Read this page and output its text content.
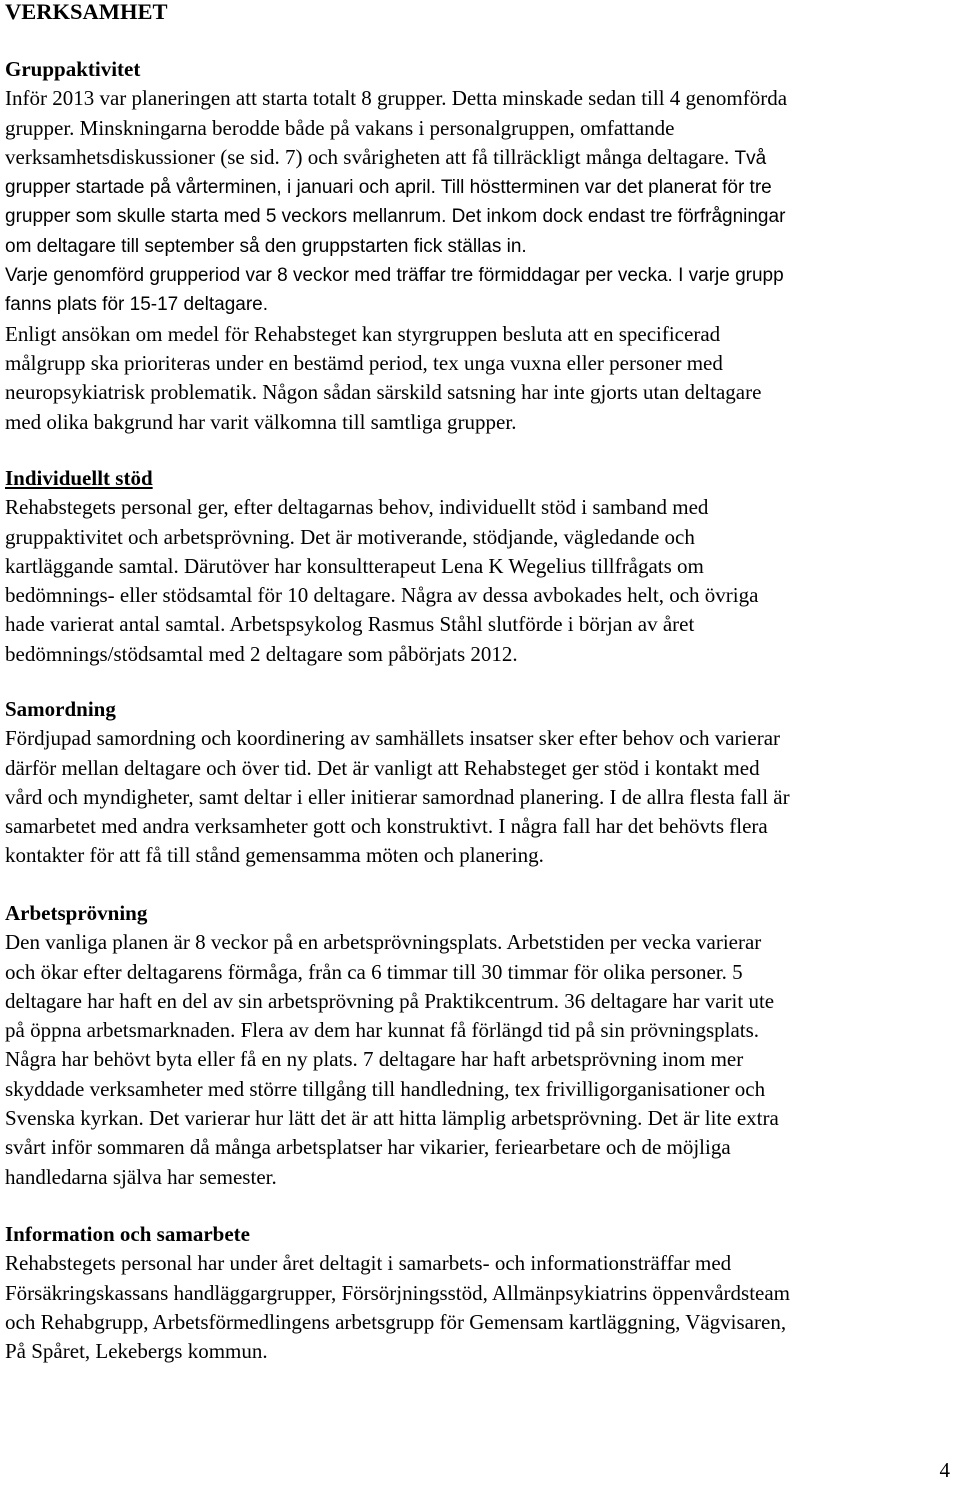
VERKSAMHET
Gruppaktivitet
Inför 2013 var planeringen att starta totalt 8 grupper. Detta minskade sedan till 4 genomförda
grupper. Minskningarna berodde både på vakans i personalgruppen, omfattande
verksamhetsdiskussioner (se sid. 7) och svårigheten att få tillräckligt många deltagare. Två
grupper startade på vårterminen, i januari och april. Till höstterminen var det planerat för tre
grupper som skulle starta med 5 veckors mellanrum. Det inkom dock endast tre förfrågningar
om deltagare till september så den gruppstarten fick ställas in.
Varje genomförd grupperiod var 8 veckor med träffar tre förmiddagar per vecka. I varje grupp
fanns plats för 15-17 deltagare.
Enligt ansökan om medel för Rehabsteget kan styrgruppen besluta att en specificerad
målgrupp ska prioriteras under en bestämd period, tex unga vuxna eller personer med
neuropsykiatrisk problematik. Någon sådan särskild satsning har inte gjorts utan deltagare
med olika bakgrund har varit välkomna till samtliga grupper.
Individuellt stöd
Rehabstegets personal ger, efter deltagarnas behov, individuellt stöd i samband med
gruppaktivitet och arbetsprövning. Det är motiverande, stödjande, vägledande och
kartläggande samtal. Därutöver har konsultterapeut Lena K Wegelius tillfrågats om
bedömnings- eller stödsamtal för 10 deltagare. Några av dessa avbokades helt, och övriga
hade varierat antal samtal. Arbetspsykolog Rasmus Ståhl slutförde i början av året
bedömnings/stödsamtal med 2 deltagare som påbörjats 2012.
Samordning
Fördjupad samordning och koordinering av samhällets insatser sker efter behov och varierar
därför mellan deltagare och över tid. Det är vanligt att Rehabsteget ger stöd i kontakt med
vård och myndigheter, samt deltar i eller initierar samordnad planering. I de allra flesta fall är
samarbetet med andra verksamheter gott och konstruktivt. I några fall har det behövts flera
kontakter för att få till stånd gemensamma möten och planering.
Arbetsprövning
Den vanliga planen är 8 veckor på en arbetsprövningsplats. Arbetstiden per vecka varierar
och ökar efter deltagarens förmåga, från ca 6 timmar till 30 timmar för olika personer. 5
deltagare har haft en del av sin arbetsprövning på Praktikcentrum. 36 deltagare har varit ute
på öppna arbetsmarknaden. Flera av dem har kunnat få förlängd tid på sin prövningsplats.
Några har behövt byta eller få en ny plats. 7 deltagare har haft arbetsprövning inom mer
skyddade verksamheter med större tillgång till handledning, tex frivilligorganisationer och
Svenska kyrkan. Det varierar hur lätt det är att hitta lämplig arbetsprövning. Det är lite extra
svårt inför sommaren då många arbetsplatser har vikarier, feriearbetare och de möjliga
handledarna själva har semester.
Information och samarbete
Rehabstegets personal har under året deltagit i samarbets- och informationsträffar med
Försäkringskassans handläggargrupper, Försörjningsstöd, Allmänpsykiatrins öppenvårdsteam
och Rehabgrupp, Arbetsförmedlingens arbetsgrupp för Gemensam kartläggning, Vägvisaren,
På Spåret, Lekebergs kommun.
4
